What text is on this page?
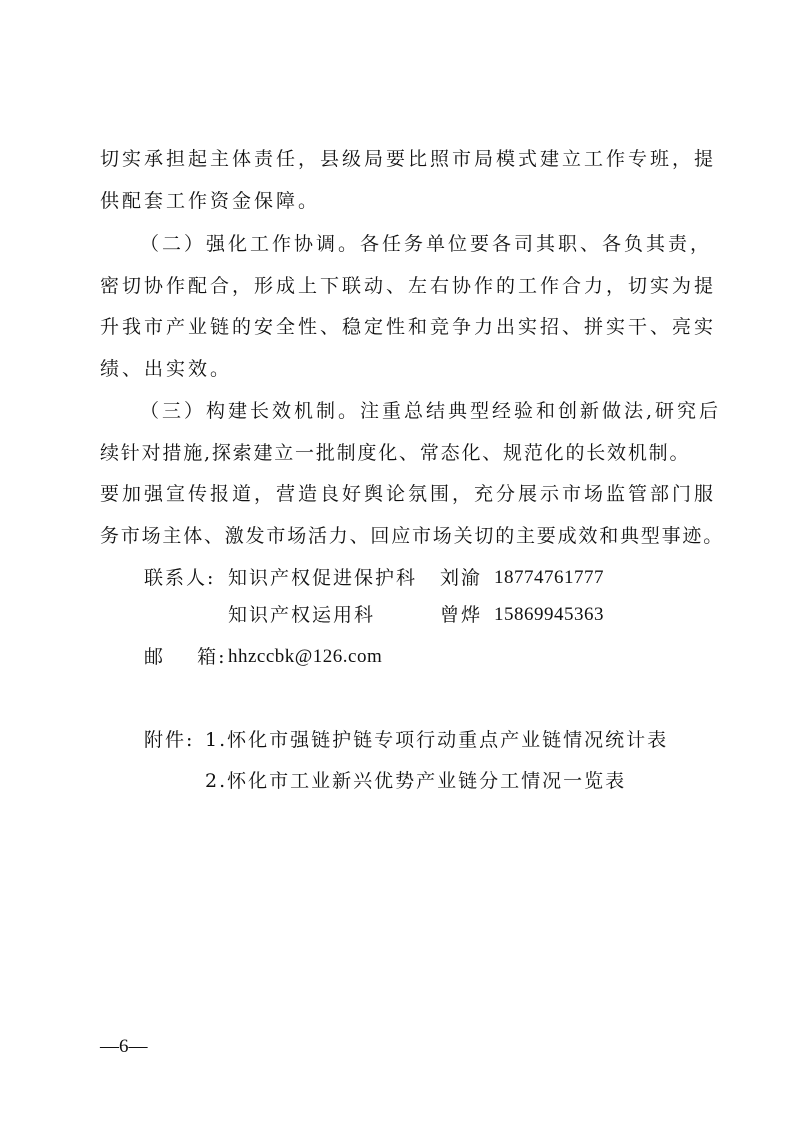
切实承担起主体责任，县级局要比照市局模式建立工作专班，提
供配套工作资金保障。
（二）强化工作协调。各任务单位要各司其职、各负其责，
密切协作配合，形成上下联动、左右协作的工作合力，切实为提
升我市产业链的安全性、稳定性和竞争力出实招、拼实干、亮实
绩、出实效。
（三）构建长效机制。注重总结典型经验和创新做法,研究后
续针对措施,探索建立一批制度化、常态化、规范化的长效机制。
要加强宣传报道，营造良好舆论氛围，充分展示市场监管部门服
务市场主体、激发市场活力、回应市场关切的主要成效和典型事迹。
联系人: 知识产权促进保护科 刘渝 18774761777
知识产权运用科	曾烨 15869945363
邮    箱: hhzccbk@126.com
附件: 1.怀化市强链护链专项行动重点产业链情况统计表
2.怀化市工业新兴优势产业链分工情况一览表
—6—
